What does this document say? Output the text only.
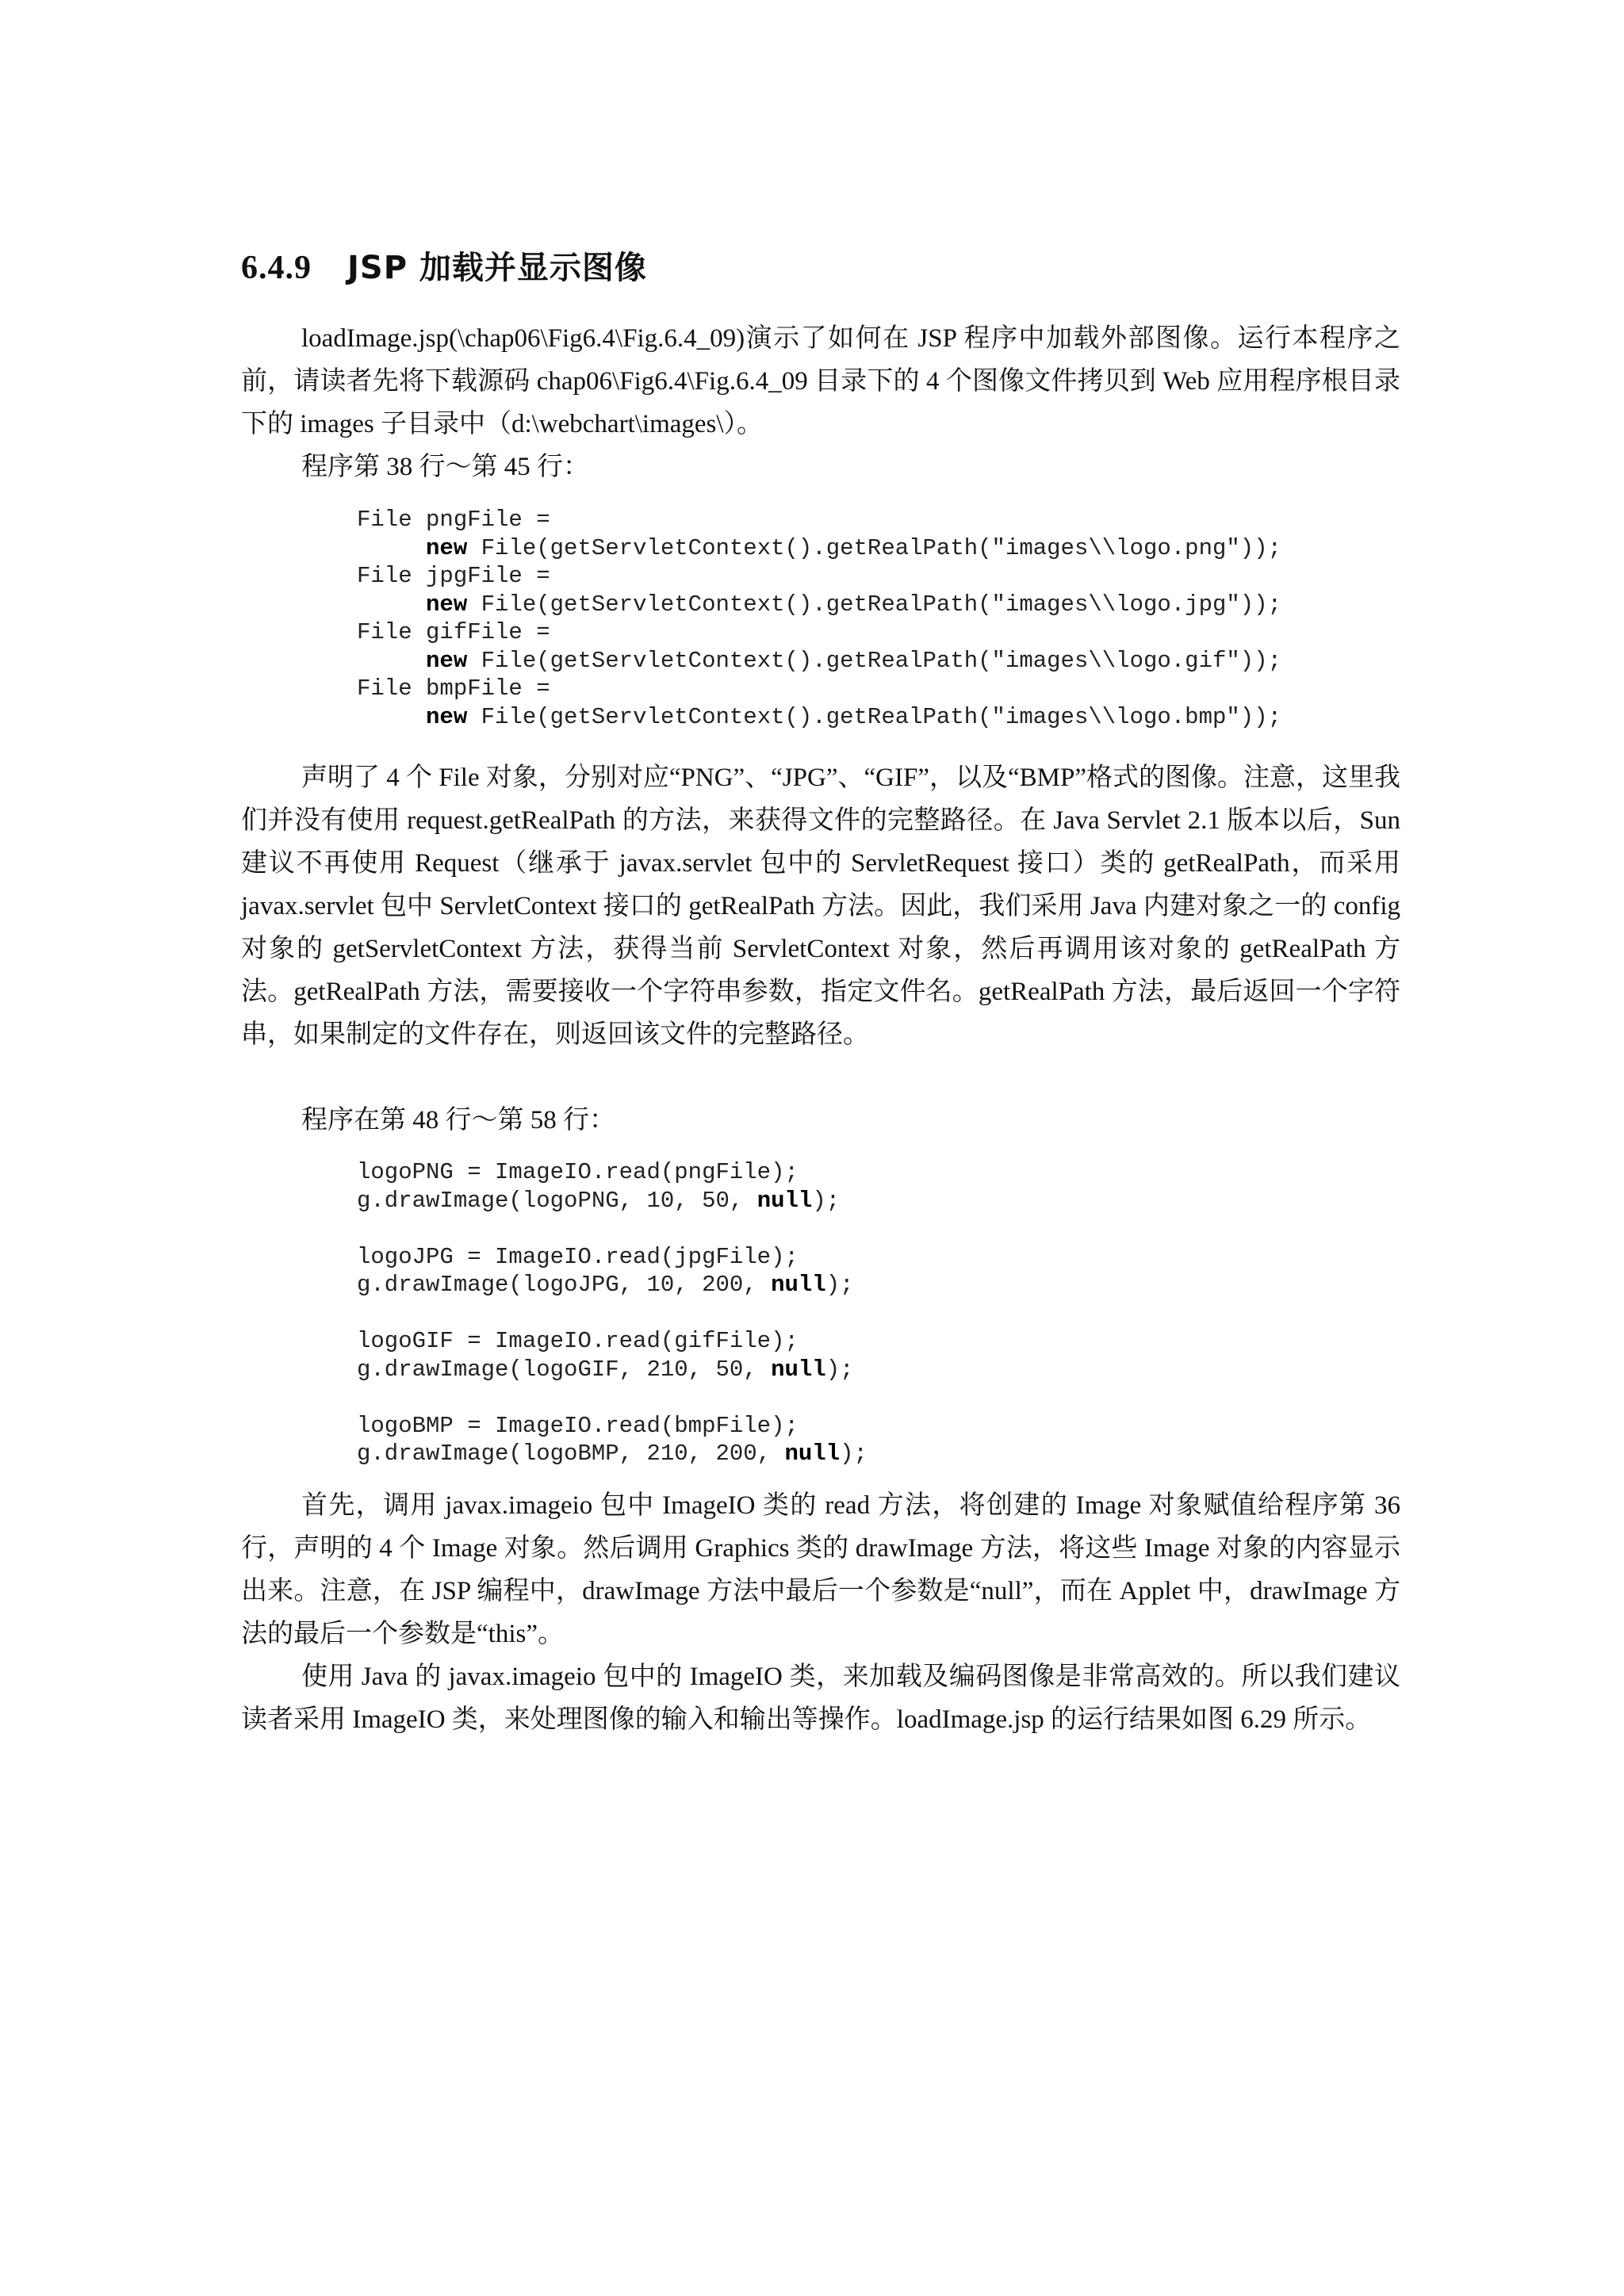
6.4.9 JSP 加载并显示图像

loadImage.jsp(\chap06\Fig6.4\Fig.6.4_09)演示了如何在 JSP 程序中加载外部图像。运行本程序之前，请读者先将下载源码 chap06\Fig6.4\Fig.6.4_09 目录下的 4 个图像文件拷贝到 Web 应用程序根目录下的 images 子目录中（d:\webchart\images\）。

程序第 38 行～第 45 行：

File pngFile =
new File(getServletContext().getRealPath("images\\logo.png"));
File jpgFile =
new File(getServletContext().getRealPath("images\\logo.jpg"));
File gifFile =
new File(getServletContext().getRealPath("images\\logo.gif"));
File bmpFile =
new File(getServletContext().getRealPath("images\\logo.bmp"));

声明了 4 个 File 对象，分别对应“PNG”、“JPG”、“GIF”，以及“BMP”格式的图像。注意，这里我们并没有使用 request.getRealPath 的方法，来获得文件的完整路径。在 Java Servlet 2.1 版本以后，Sun 建议不再使用 Request（继承于 javax.servlet 包中的 ServletRequest 接口）类的 getRealPath，而采用 javax.servlet 包中 ServletContext 接口的 getRealPath 方法。因此，我们采用 Java 内建对象之一的 config 对象的 getServletContext 方法，获得当前 ServletContext 对象，然后再调用该对象的 getRealPath 方法。getRealPath 方法，需要接收一个字符串参数，指定文件名。getRealPath 方法，最后返回一个字符串，如果制定的文件存在，则返回该文件的完整路径。

程序在第 48 行～第 58 行：

logoPNG = ImageIO.read(pngFile);
g.drawImage(logoPNG, 10, 50, null);
logoJPG = ImageIO.read(jpgFile);
g.drawImage(logoJPG, 10, 200, null);
logoGIF = ImageIO.read(gifFile);
g.drawImage(logoGIF, 210, 50, null);
logoBMP = ImageIO.read(bmpFile);
g.drawImage(logoBMP, 210, 200, null);

首先，调用 javax.imageio 包中 ImageIO 类的 read 方法，将创建的 Image 对象赋值给程序第 36 行，声明的 4 个 Image 对象。然后调用 Graphics 类的 drawImage 方法，将这些 Image 对象的内容显示出来。注意，在 JSP 编程中，drawImage 方法中最后一个参数是“null”，而在 Applet 中，drawImage 方法的最后一个参数是“this”。

使用 Java 的 javax.imageio 包中的 ImageIO 类，来加载及编码图像是非常高效的。所以我们建议读者采用 ImageIO 类，来处理图像的输入和输出等操作。loadImage.jsp 的运行结果如图 6.29 所示。
